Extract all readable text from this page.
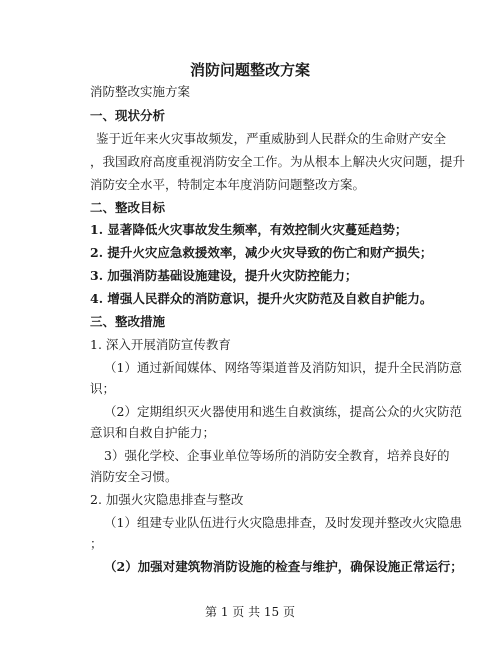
消防问题整改方案
消防整改实施方案
一、现状分析
鉴于近年来火灾事故频发，严重威胁到人民群众的生命财产安全
，我国政府高度重视消防安全工作。为从根本上解决火灾问题，提升
消防安全水平，特制定本年度消防问题整改方案。
二、整改目标
1. 显著降低火灾事故发生频率，有效控制火灾蔓延趋势；
2. 提升火灾应急救援效率，减少火灾导致的伤亡和财产损失；
3. 加强消防基础设施建设，提升火灾防控能力；
4. 增强人民群众的消防意识，提升火灾防范及自救自护能力。
三、整改措施
1. 深入开展消防宣传教育
（1）通过新闻媒体、网络等渠道普及消防知识，提升全民消防意
识；
（2）定期组织灭火器使用和逃生自救演练，提高公众的火灾防范
意识和自救自护能力；
3）强化学校、企事业单位等场所的消防安全教育，培养良好的
消防安全习惯。
2. 加强火灾隐患排查与整改
（1）组建专业队伍进行火灾隐患排查，及时发现并整改火灾隐患
；
（2）加强对建筑物消防设施的检查与维护，确保设施正常运行；
第 1 页 共 15 页
